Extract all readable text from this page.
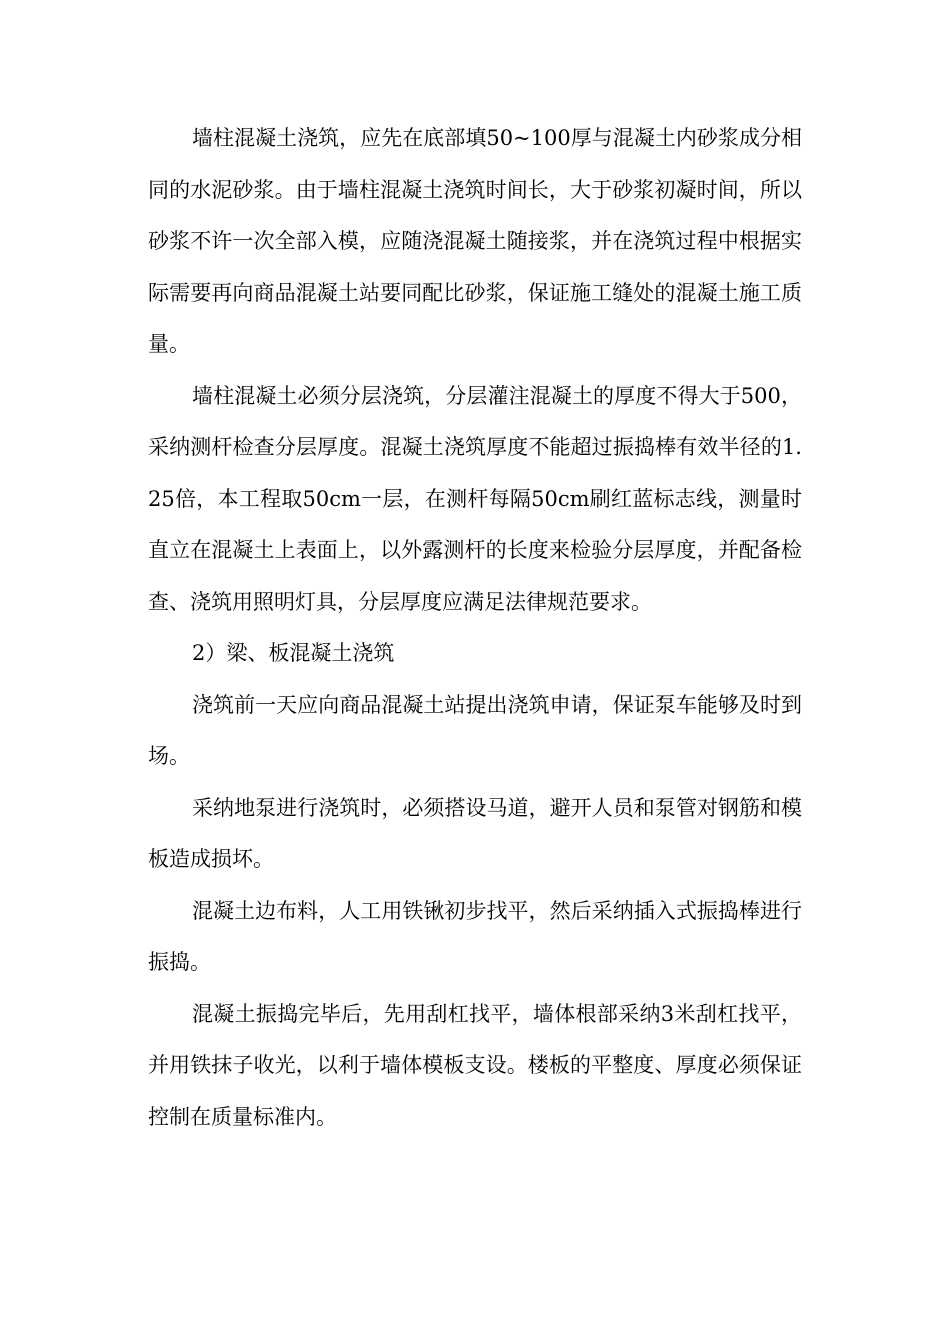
墙柱混凝土浇筑，应先在底部填50~100厚与混凝土内砂浆成分相同的水泥砂浆。由于墙柱混凝土浇筑时间长，大于砂浆初凝时间，所以砂浆不许一次全部入模，应随浇混凝土随接浆，并在浇筑过程中根据实际需要再向商品混凝土站要同配比砂浆，保证施工缝处的混凝土施工质量。

墙柱混凝土必须分层浇筑，分层灌注混凝土的厚度不得大于500，采纳测杆检查分层厚度。混凝土浇筑厚度不能超过振捣棒有效半径的1.25倍，本工程取50cm一层，在测杆每隔50cm刷红蓝标志线，测量时直立在混凝土上表面上，以外露测杆的长度来检验分层厚度，并配备检查、浇筑用照明灯具，分层厚度应满足法律规范要求。

2）梁、板混凝土浇筑

浇筑前一天应向商品混凝土站提出浇筑申请，保证泵车能够及时到场。

采纳地泵进行浇筑时，必须搭设马道，避开人员和泵管对钢筋和模板造成损坏。

混凝土边布料，人工用铁锹初步找平，然后采纳插入式振捣棒进行振捣。

混凝土振捣完毕后，先用刮杠找平，墙体根部采纳3米刮杠找平，并用铁抹子收光，以利于墙体模板支设。楼板的平整度、厚度必须保证控制在质量标准内。
